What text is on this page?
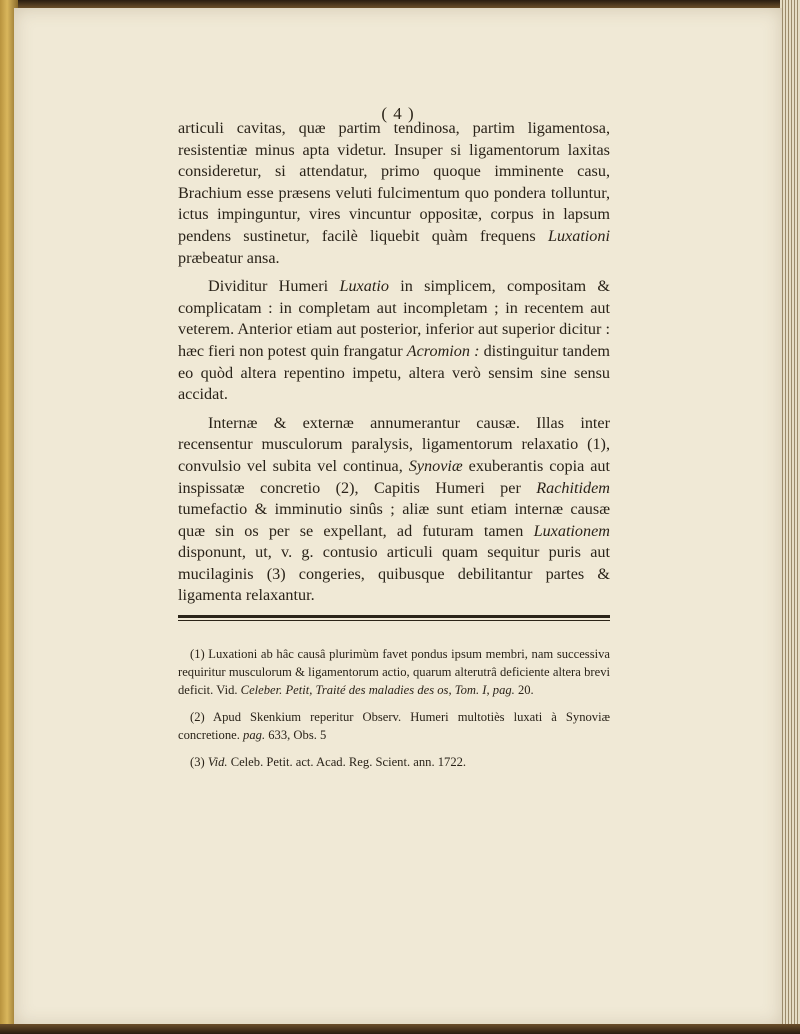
( 4 )

articuli cavitas, quæ partim tendinosa, partim ligamentosa, resistentiæ minus apta videtur. Insuper si ligamentorum laxitas consideretur, si attendatur, primo quoque imminente casu, Brachium esse præsens veluti fulcimentum quo pondera tolluntur, ictus impinguntur, vires vincuntur oppositæ, corpus in lapsum pendens sustinetur, facilè liquebit quàm frequens Luxationi præbeatur ansa.

Dividitur Humeri Luxatio in simplicem, compositam & complicatam : in completam aut incompletam ; in recentem aut veterem. Anterior etiam aut posterior, inferior aut superior dicitur : hæc fieri non potest quin frangatur Acromion : distinguitur tandem eo quòd altera repentino impetu, altera verò sensim sine sensu accidat.

Internæ & externæ annumerantur causæ. Illas inter recensentur musculorum paralysis, ligamentorum relaxatio (1), convulsio vel subita vel continua, Synoviæ exuberantis copia aut inspissatæ concretio (2), Capitis Humeri per Rachitidem tumefactio & imminutio sinûs ; aliæ sunt etiam internæ causæ quæ sin os per se expellant, ad futuram tamen Luxationem disponunt, ut, v. g. contusio articuli quam sequitur puris aut mucilaginis (3) congeries, quibusque debilitantur partes & ligamenta relaxantur.

(1) Luxationi ab hâc causâ plurimùm favet pondus ipsum membri, nam successiva requiritur musculorum & ligamentorum actio, quarum alterutrâ deficiente altera brevi deficit. Vid. Celeber. Petit, Traité des maladies des os, Tom. I, pag. 20.

(2) Apud Skenkium reperitur Observ. Humeri multotiès luxati à Synoviæ concretione. pag. 633, Obs. 5

(3) Vid. Celeb. Petit. act. Acad. Reg. Scient. ann. 1722.
